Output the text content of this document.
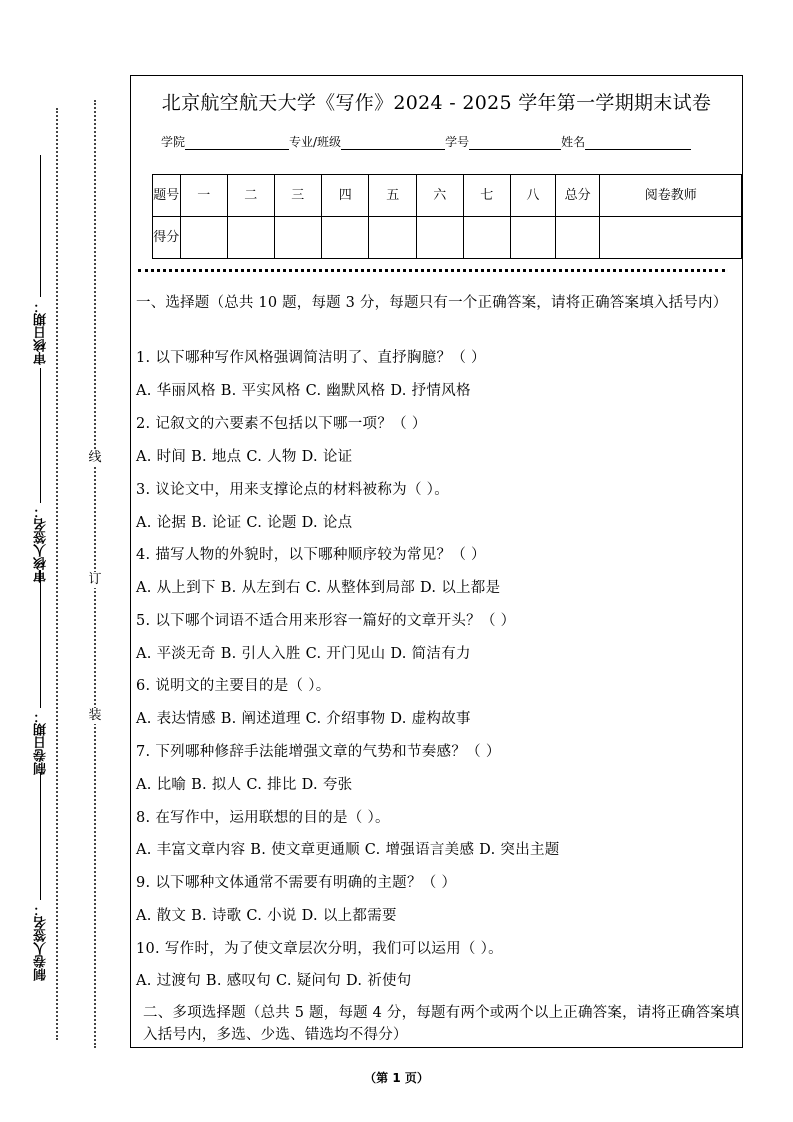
审核日期：
审核人签名：
制卷日期：
制卷人签名：
线
订
装
北京航空航天大学《写作》2024 - 2025 学年第一学期期末试卷
学院	专业/班级	学号	姓名
题号	一	二	三	四	五	六	七	八	总分	阅卷教师
得分										
一、选择题（总共 10 题，每题 3 分，每题只有一个正确答案，请将正确答案填入括号内）
1. 以下哪种写作风格强调简洁明了、直抒胸臆？（ ）
A. 华丽风格 B. 平实风格 C. 幽默风格 D. 抒情风格
2. 记叙文的六要素不包括以下哪一项？（ ）
A. 时间 B. 地点 C. 人物 D. 论证
3. 议论文中，用来支撑论点的材料被称为（ ）。
A. 论据 B. 论证 C. 论题 D. 论点
4. 描写人物的外貌时，以下哪种顺序较为常见？（ ）
A. 从上到下 B. 从左到右 C. 从整体到局部 D. 以上都是
5. 以下哪个词语不适合用来形容一篇好的文章开头？（ ）
A. 平淡无奇 B. 引人入胜 C. 开门见山 D. 简洁有力
6. 说明文的主要目的是（ ）。
A. 表达情感 B. 阐述道理 C. 介绍事物 D. 虚构故事
7. 下列哪种修辞手法能增强文章的气势和节奏感？（ ）
A. 比喻 B. 拟人 C. 排比 D. 夸张
8. 在写作中，运用联想的目的是（ ）。
A. 丰富文章内容 B. 使文章更通顺 C. 增强语言美感 D. 突出主题
9. 以下哪种文体通常不需要有明确的主题？（ ）
A. 散文 B. 诗歌 C. 小说 D. 以上都需要
10. 写作时，为了使文章层次分明，我们可以运用（ ）。
A. 过渡句 B. 感叹句 C. 疑问句 D. 祈使句
二、多项选择题（总共 5 题，每题 4 分，每题有两个或两个以上正确答案，请将正确答案填入括号内，多选、少选、错选均不得分）
（第 1 页）
